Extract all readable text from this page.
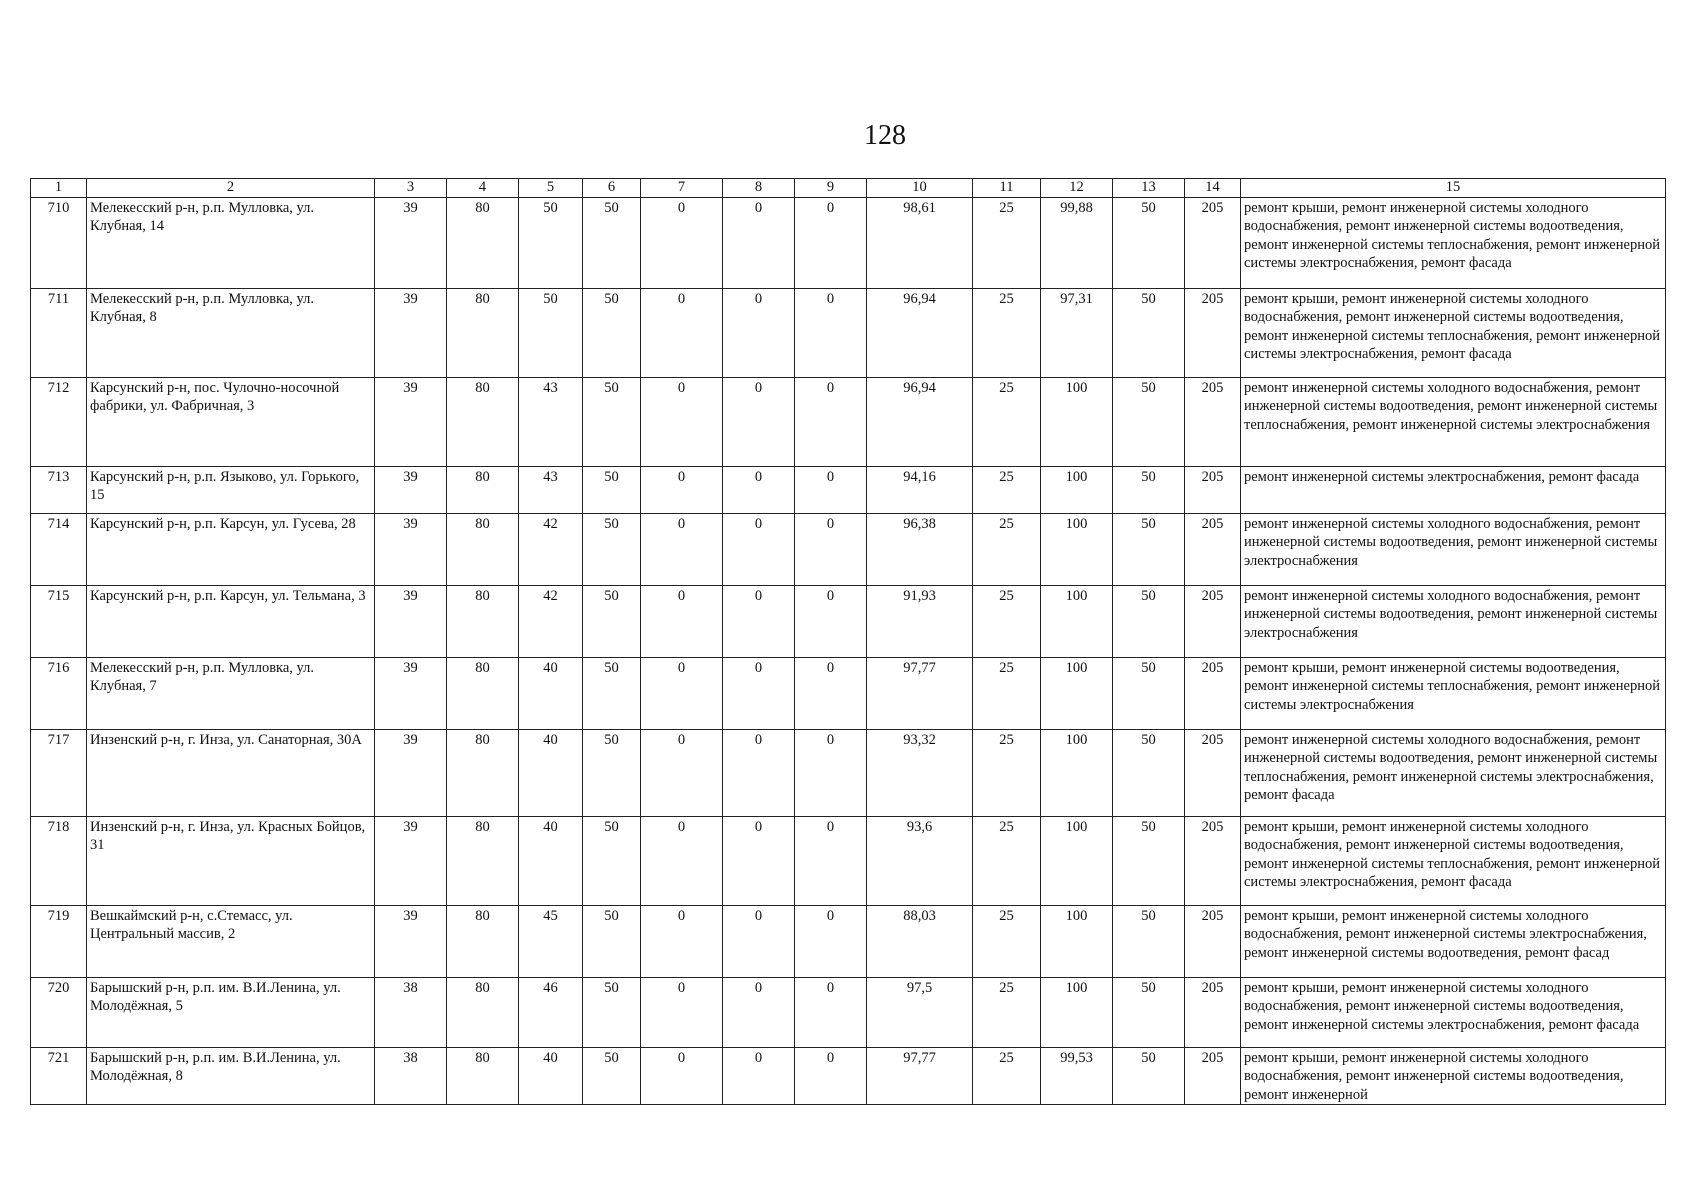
128
1	2	3	4	5	6	7	8	9	10	11	12	13	14	15
710	Мелекесский р-н, р.п. Мулловка, ул. Клубная, 14	39	80	50	50	0	0	0	98,61	25	99,88	50	205	ремонт крыши, ремонт инженерной системы холодного водоснабжения, ремонт инженерной системы водоотведения, ремонт инженерной системы теплоснабжения, ремонт инженерной системы электроснабжения, ремонт фасада
711	Мелекесский р-н, р.п. Мулловка, ул. Клубная, 8	39	80	50	50	0	0	0	96,94	25	97,31	50	205	ремонт крыши, ремонт инженерной системы холодного водоснабжения, ремонт инженерной системы водоотведения, ремонт инженерной системы теплоснабжения, ремонт инженерной системы электроснабжения, ремонт фасада
712	Карсунский р-н, пос. Чулочно-носочной фабрики, ул. Фабричная, 3	39	80	43	50	0	0	0	96,94	25	100	50	205	ремонт инженерной системы холодного водоснабжения, ремонт инженерной системы водоотведения, ремонт инженерной системы теплоснабжения, ремонт инженерной системы электроснабжения
713	Карсунский р-н, р.п. Языково, ул. Горького, 15	39	80	43	50	0	0	0	94,16	25	100	50	205	ремонт инженерной системы электроснабжения, ремонт фасада
714	Карсунский р-н, р.п. Карсун, ул. Гусева, 28	39	80	42	50	0	0	0	96,38	25	100	50	205	ремонт инженерной системы холодного водоснабжения, ремонт инженерной системы водоотведения, ремонт инженерной системы электроснабжения
715	Карсунский р-н, р.п. Карсун, ул. Тельмана, 3	39	80	42	50	0	0	0	91,93	25	100	50	205	ремонт инженерной системы холодного водоснабжения, ремонт инженерной системы водоотведения, ремонт инженерной системы электроснабжения
716	Мелекесский р-н, р.п. Мулловка, ул. Клубная, 7	39	80	40	50	0	0	0	97,77	25	100	50	205	ремонт крыши, ремонт инженерной системы водоотведения, ремонт инженерной системы теплоснабжения, ремонт инженерной системы электроснабжения
717	Инзенский р-н, г. Инза, ул. Санаторная, 30А	39	80	40	50	0	0	0	93,32	25	100	50	205	ремонт инженерной системы холодного водоснабжения, ремонт инженерной системы водоотведения, ремонт инженерной системы теплоснабжения, ремонт инженерной системы электроснабжения, ремонт фасада
718	Инзенский р-н, г. Инза, ул. Красных Бойцов, 31	39	80	40	50	0	0	0	93,6	25	100	50	205	ремонт крыши, ремонт инженерной системы холодного водоснабжения, ремонт инженерной системы водоотведения, ремонт инженерной системы теплоснабжения, ремонт инженерной системы электроснабжения, ремонт фасада
719	Вешкаймский р-н, с.Стемасс, ул. Центральный массив, 2	39	80	45	50	0	0	0	88,03	25	100	50	205	ремонт крыши, ремонт инженерной системы холодного водоснабжения, ремонт инженерной системы электроснабжения, ремонт инженерной системы водоотведения, ремонт фасад
720	Барышский р-н, р.п. им. В.И.Ленина, ул. Молодёжная, 5	38	80	46	50	0	0	0	97,5	25	100	50	205	ремонт крыши, ремонт инженерной системы холодного водоснабжения, ремонт инженерной системы водоотведения, ремонт инженерной системы электроснабжения, ремонт фасада
721	Барышский р-н, р.п. им. В.И.Ленина, ул. Молодёжная, 8	38	80	40	50	0	0	0	97,77	25	99,53	50	205	ремонт крыши, ремонт инженерной системы холодного водоснабжения, ремонт инженерной системы водоотведения, ремонт инженерной
